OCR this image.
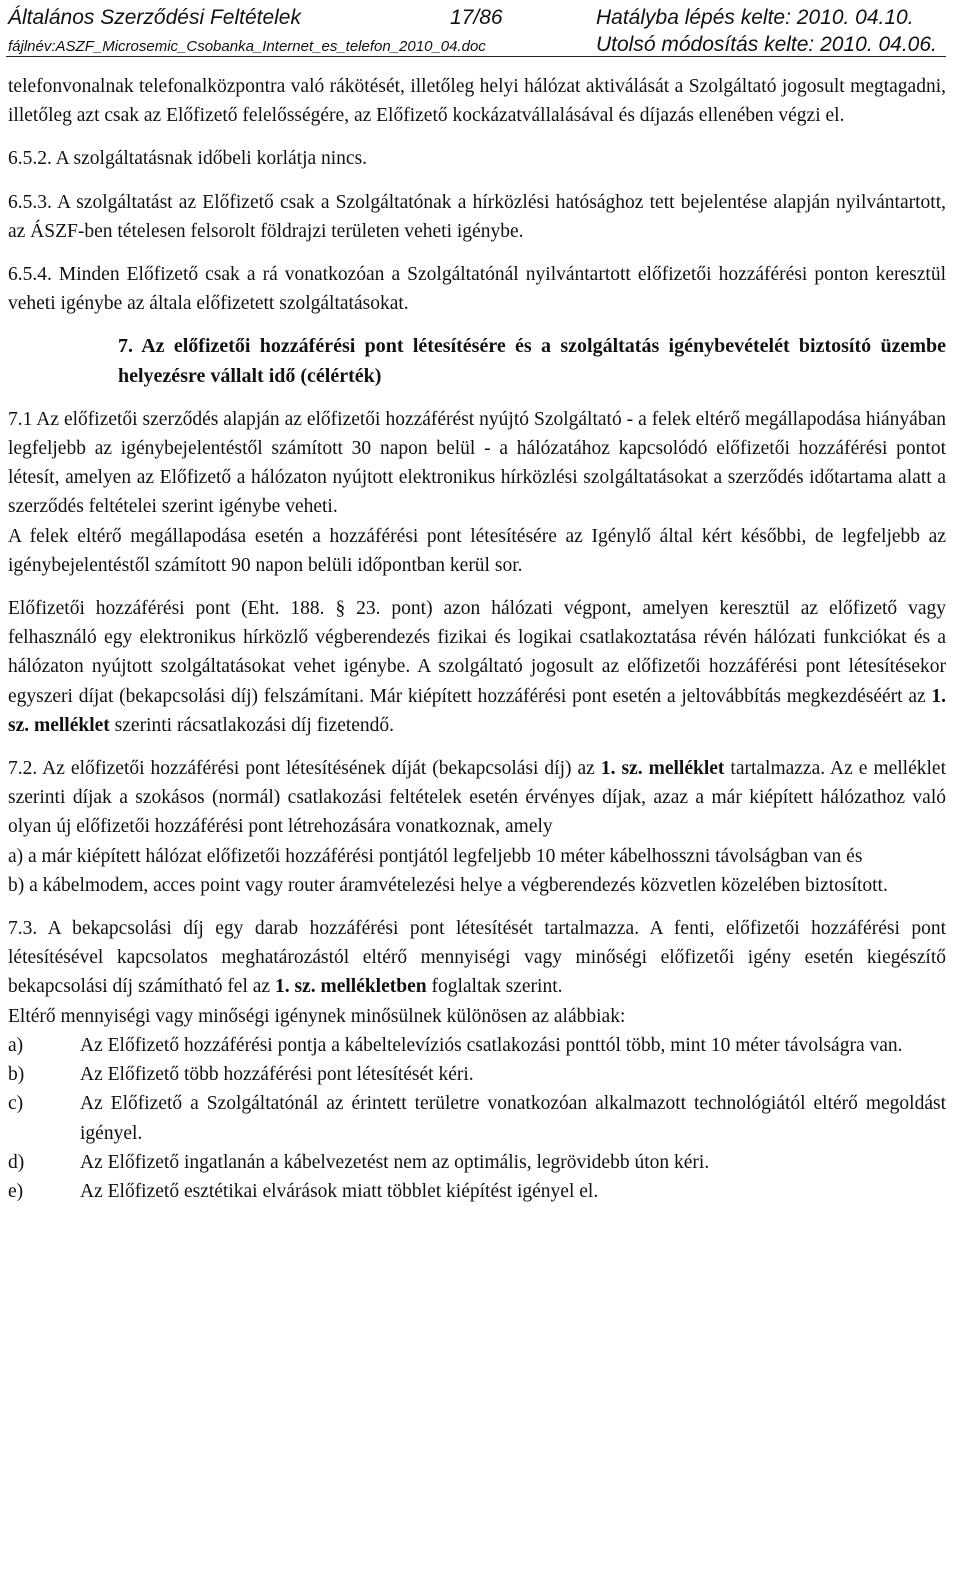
Általános Szerződési Feltételek	17/86	Hatályba lépés kelte: 2010. 04.10.
fájlnév:ASZF_Microsemic_Csobanka_Internet_es_telefon_2010_04.doc	Utolsó módosítás kelte: 2010. 04.06.

telefonvonalnak telefonalközpontra való rákötését, illetőleg helyi hálózat aktiválását a Szolgáltató jogosult megtagadni, illetőleg azt csak az Előfizető felelősségére, az Előfizető kockázatvállalásával és díjazás ellenében végzi el.

6.5.2. A szolgáltatásnak időbeli korlátja nincs.

6.5.3. A szolgáltatást az Előfizető csak a Szolgáltatónak a hírközlési hatósághoz tett bejelentése alapján nyilvántartott, az ÁSZF-ben tételesen felsorolt földrajzi területen veheti igénybe.

6.5.4. Minden Előfizető csak a rá vonatkozóan a Szolgáltatónál nyilvántartott előfizetői hozzáférési ponton keresztül veheti igénybe az általa előfizetett szolgáltatásokat.

7. Az előfizetői hozzáférési pont létesítésére és a szolgáltatás igénybevételét biztosító üzembe helyezésre vállalt idő (célérték)

7.1 Az előfizetői szerződés alapján az előfizetői hozzáférést nyújtó Szolgáltató - a felek eltérő megállapodása hiányában legfeljebb az igénybejelentéstől számított 30 napon belül - a hálózatához kapcsolódó előfizetői hozzáférési pontot létesít, amelyen az Előfizető a hálózaton nyújtott elektronikus hírközlési szolgáltatásokat a szerződés időtartama alatt a szerződés feltételei szerint igénybe veheti.

A felek eltérő megállapodása esetén a hozzáférési pont létesítésére az Igénylő által kért későbbi, de legfeljebb az igénybejelentéstől számított 90 napon belüli időpontban kerül sor.

Előfizetői hozzáférési pont (Eht. 188. § 23. pont) azon hálózati végpont, amelyen keresztül az előfizető vagy felhasználó egy elektronikus hírközlő végberendezés fizikai és logikai csatlakoztatása révén hálózati funkciókat és a hálózaton nyújtott szolgáltatásokat vehet igénybe. A szolgáltató jogosult az előfizetői hozzáférési pont létesítésekor egyszeri díjat (bekapcsolási díj) felszámítani. Már kiépített hozzáférési pont esetén a jeltovábbítás megkezdéséért az 1. sz. melléklet szerinti rácsatlakozási díj fizetendő.

7.2. Az előfizetői hozzáférési pont létesítésének díját (bekapcsolási díj) az 1. sz. melléklet tartalmazza. Az e melléklet szerinti díjak a szokásos (normál) csatlakozási feltételek esetén érvényes díjak, azaz a már kiépített hálózathoz való olyan új előfizetői hozzáférési pont létrehozására vonatkoznak, amely

a) a már kiépített hálózat előfizetői hozzáférési pontjától legfeljebb 10 méter kábelhosszni távolságban van és

b) a kábelmodem, acces point vagy router áramvételezési helye a végberendezés közvetlen közelében biztosított.

7.3. A bekapcsolási díj egy darab hozzáférési pont létesítését tartalmazza. A fenti, előfizetői hozzáférési pont létesítésével kapcsolatos meghatározástól eltérő mennyiségi vagy minőségi előfizetői igény esetén kiegészítő bekapcsolási díj számítható fel az 1. sz. mellékletben foglaltak szerint.

Eltérő mennyiségi vagy minőségi igénynek minősülnek különösen az alábbiak:

a)	Az Előfizető hozzáférési pontja a kábeltelevíziós csatlakozási ponttól több, mint 10 méter távolságra van.
b)	Az Előfizető több hozzáférési pont létesítését kéri.
c)	Az Előfizető a Szolgáltatónál az érintett területre vonatkozóan alkalmazott technológiától eltérő megoldást igényel.
d)	Az Előfizető ingatlanán a kábelvezetést nem az optimális, legrövidebb úton kéri.
e)	Az Előfizető esztétikai elvárások miatt többlet kiépítést igényel el.
